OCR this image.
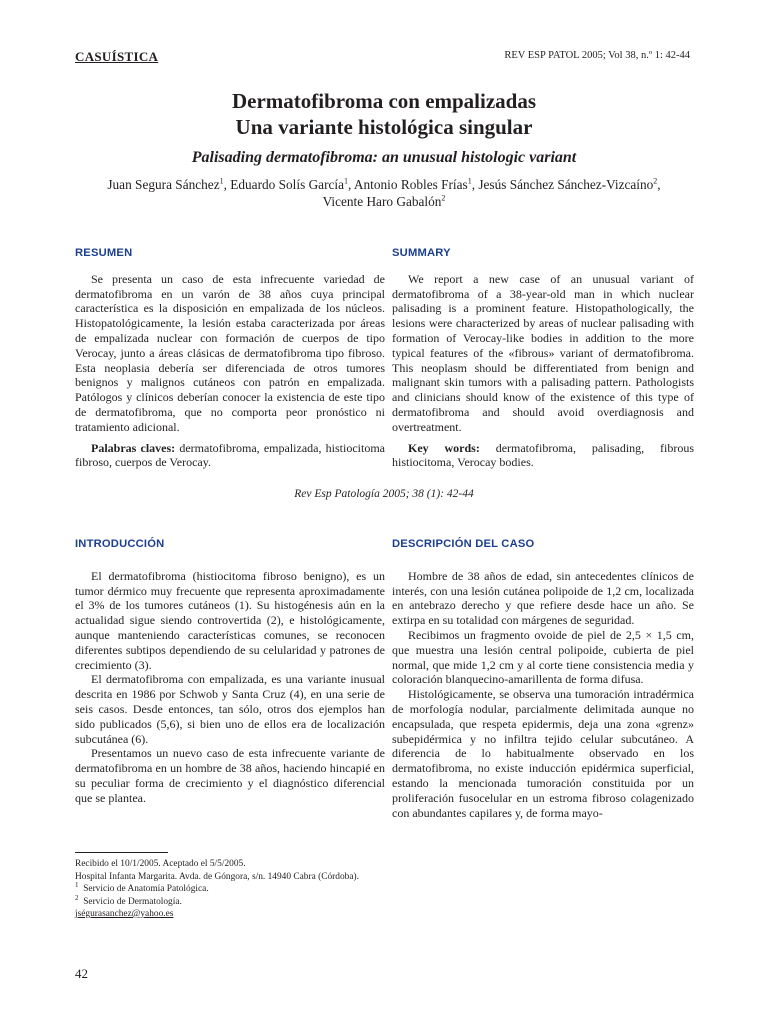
CASUÍSTICA	REV ESP PATOL 2005; Vol 38, n.º 1: 42-44

Dermatofibroma con empalizadas

Una variante histológica singular

Palisading dermatofibroma: an unusual histologic variant

Juan Segura Sánchez$^1$, Eduardo Solís García$^1$, Antonio Robles Frías$^1$, Jesús Sánchez Sánchez-Vizcaíno$^2$,
Vicente Haro Gabalón$^2$

RESUMEN

Se presenta un caso de esta infrecuente variedad de dermatofibroma en un varón de 38 años cuya principal característica es la disposición en empalizada de los núcleos. Histopatológicamente, la lesión estaba caracterizada por áreas de empalizada nuclear con formación de cuerpos de tipo Verocay, junto a áreas clásicas de dermatofibroma tipo fibroso. Esta neoplasia debería ser diferenciada de otros tumores benignos y malignos cutáneos con patrón en empalizada. Patólogos y clínicos deberían conocer la existencia de este tipo de dermatofibroma, que no comporta peor pronóstico ni tratamiento adicional.

Palabras claves: dermatofibroma, empalizada, histiocitoma fibroso, cuerpos de Verocay.

SUMMARY

We report a new case of an unusual variant of dermatofibroma of a 38-year-old man in which nuclear palisading is a prominent feature. Histopathologically, the lesions were characterized by areas of nuclear palisading with formation of Verocay-like bodies in addition to the more typical features of the «fibrous» variant of dermatofibroma. This neoplasm should be differentiated from benign and malignant skin tumors with a palisading pattern. Pathologists and clinicians should know of the existence of this type of dermatofibroma and should avoid overdiagnosis and overtreatment.

Key words: dermatofibroma, palisading, fibrous histiocitoma, Verocay bodies.

Rev Esp Patología 2005; 38 (1): 42-44

INTRODUCCIÓN

El dermatofibroma (histiocitoma fibroso benigno), es un tumor dérmico muy frecuente que representa aproximadamente el 3% de los tumores cutáneos (1). Su histogénesis aún en la actualidad sigue siendo controvertida (2), e histológicamente, aunque manteniendo características comunes, se reconocen diferentes subtipos dependiendo de su celularidad y patrones de crecimiento (3).

El dermatofibroma con empalizada, es una variante inusual descrita en 1986 por Schwob y Santa Cruz (4), en una serie de seis casos. Desde entonces, tan sólo, otros dos ejemplos han sido publicados (5,6), si bien uno de ellos era de localización subcutánea (6).

Presentamos un nuevo caso de esta infrecuente variante de dermatofibroma en un hombre de 38 años, haciendo hincapié en su peculiar forma de crecimiento y el diagnóstico diferencial que se plantea.

DESCRIPCIÓN DEL CASO

Hombre de 38 años de edad, sin antecedentes clínicos de interés, con una lesión cutánea polipoide de 1,2 cm, localizada en antebrazo derecho y que refiere desde hace un año. Se extirpa en su totalidad con márgenes de seguridad.

Recibimos un fragmento ovoide de piel de 2,5 × 1,5 cm, que muestra una lesión central polipoide, cubierta de piel normal, que mide 1,2 cm y al corte tiene consistencia media y coloración blanquecino-amarillenta de forma difusa.

Histológicamente, se observa una tumoración intradérmica de morfología nodular, parcialmente delimitada aunque no encapsulada, que respeta epidermis, deja una zona «grenz» subepidérmica y no infiltra tejido celular subcutáneo. A diferencia de lo habitualmente observado en los dermatofibroma, no existe inducción epidérmica superficial, estando la mencionada tumoración constituida por un proliferación fusocelular en un estroma fibroso colagenizado con abundantes capilares y, de forma mayo-

Recibido el 10/1/2005. Aceptado el 5/5/2005.

Hospital Infanta Margarita. Avda. de Góngora, s/n. 14940 Cabra (Córdoba).

$^1$ Servicio de Anatomía Patológica.

$^2$ Servicio de Dermatología.

jségurasanchez@yahoo.es

42
